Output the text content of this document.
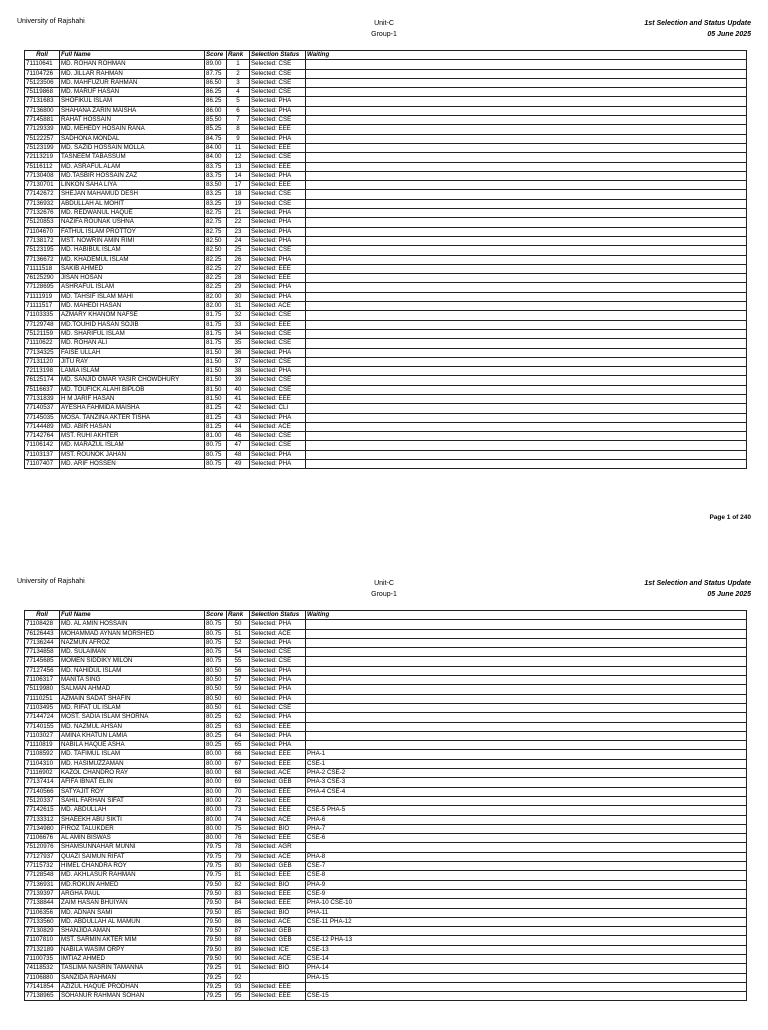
University of Rajshahi	Unit-C
Group-1
1st Selection and Status Update
05 June 2025
Roll	Full Name	Score	Rank	Selection Status	Waiting
71110641	MD. ROHAN ROHMAN	89.00	1	Selected: CSE	
71104726	MD. JILLAR RAHMAN	87.75	2	Selected: CSE	
75123506	MD. MAHFUZUR RAHMAN	86.50	3	Selected: CSE	
75119868	MD. MARUF HASAN	86.25	4	Selected: CSE	
77131683	SHOFIKUL ISLAM	86.25	5	Selected: PHA	
77136800	SHAHANA ZARIN MAISHA	86.00	6	Selected: PHA	
77145881	RAHAT HOSSAIN	85.50	7	Selected: CSE	
77129339	MD. MEHEDY HOSAIN RANA	85.25	8	Selected: EEE	
75122257	SADHONA MONDAL	84.75	9	Selected: PHA	
75123199	MD. SAZID HOSSAIN MOLLA	84.00	11	Selected: EEE	
72113219	TASNEEM TABASSUM	84.00	12	Selected: CSE	
75116112	MD. ASRAFUL ALAM	83.75	13	Selected: EEE	
77130408	MD.TASBIR HOSSAIN ZAZ	83.75	14	Selected: PHA	
77130701	LINKON SAHA LIYA	83.50	17	Selected: EEE	
77142672	SHEJAN MAHAMUD DESH	83.25	18	Selected: CSE	
77136932	ABDULLAH AL MOHIT	83.25	19	Selected: CSE	
77132676	MD. REDWANUL HAQUE	82.75	21	Selected: PHA	
75120853	NAZIFA ROUNAK USHNA	82.75	22	Selected: PHA	
71104670	FATHUL ISLAM PROTTOY	82.75	23	Selected: PHA	
77138172	MST. NOWRIN AMIN RIMI	82.50	24	Selected: PHA	
75123195	MD. HABIBUL ISLAM	82.50	25	Selected: CSE	
77136672	MD. KHADEMUL ISLAM	82.25	26	Selected: PHA	
71111518	SAKIB AHMED	82.25	27	Selected: EEE	
76125290	JISAN HOSAN	82.25	28	Selected: EEE	
77128695	ASHRAFUL ISLAM	82.25	29	Selected: PHA	
71111919	MD. TAHSIF ISLAM MAHI	82.00	30	Selected: PHA	
71111517	MD. MAHEDI HASAN	82.00	31	Selected: ACE	
71103335	AZMARY KHANOM NAFSE	81.75	32	Selected: CSE	
77129748	MD.TOUHID HASAN SOJIB	81.75	33	Selected: EEE	
75121159	MD. SHARIFUL ISLAM	81.75	34	Selected: CSE	
71110622	MD. ROHAN ALI	81.75	35	Selected: CSE	
77134325	FAISE ULLAH	81.50	36	Selected: PHA	
77131120	JITU RAY	81.50	37	Selected: CSE	
72113198	LAMIA ISLAM	81.50	38	Selected: PHA	
76125174	MD. SANJID OMAR YASIR CHOWDHURY	81.50	39	Selected: CSE	
75116637	MD. TOUFICK ALAHI BIPLOB	81.50	40	Selected: CSE	
77131839	H M JARIF HASAN	81.50	41	Selected: EEE	
77140537	AYESHA FAHMIDA MAISHA	81.25	42	Selected: CLI	
77145035	MOSA. TANZINA AKTER TISHA	81.25	43	Selected: PHA	
77144489	MD. ABIR HASAN	81.25	44	Selected: ACE	
77142764	MST. RUHI AKHTER	81.00	46	Selected: CSE	
71106142	MD. MARAZUL ISLAM	80.75	47	Selected: CSE	
71103137	MST. ROUNOK JAHAN	80.75	48	Selected: PHA	
71107407	MD. ARIF HOSSEN	80.75	49	Selected: PHA	
Page 1 of 240
University of Rajshahi	Unit-C
Group-1
1st Selection and Status Update
05 June 2025
Roll	Full Name	Score	Rank	Selection Status	Waiting
71108428	MD. AL AMIN HOSSAIN	80.75	50	Selected: PHA	
76126443	MOHAMMAD AYNAN MORSHED	80.75	51	Selected: ACE	
77136244	NAZMUN AFROZ	80.75	52	Selected: PHA	
77134858	MD. SULAIMAN	80.75	54	Selected: CSE	
77145685	MOMEN SIDDIKY MILON	80.75	55	Selected: CSE	
77127456	MD. NAHIDUL ISLAM	80.50	56	Selected: PHA	
71106317	MANITA SING	80.50	57	Selected: PHA	
75119980	SALMAN AHMAD	80.50	59	Selected: PHA	
71110251	AZMAIN SADAT SHAFIN	80.50	60	Selected: PHA	
71103495	MD. RIFAT UL ISLAM	80.50	61	Selected: CSE	
77144724	MOST. SADIA ISLAM SHORNA	80.25	62	Selected: PHA	
77140155	MD. NAZMUL AHSAN	80.25	63	Selected: EEE	
71103027	AMINA KHATUN LAMIA	80.25	64	Selected: PHA	
71110819	NABILA HAQUE ASHA	80.25	65	Selected: PHA	
71108592	MD. TAFIMUL ISLAM	80.00	66	Selected: EEE	PHA-1
71104310	MD. HASIMUZZAMAN	80.00	67	Selected: EEE	CSE-1
71116902	KAZOL CHANDRO RAY	80.00	68	Selected: ACE	PHA-2 CSE-2
77137414	AFIFA IBNAT ELIN	80.00	69	Selected: GEB	PHA-3 CSE-3
77140566	SATYAJIT ROY	80.00	70	Selected: EEE	PHA-4 CSE-4
75120337	SAHIL FARHAN SIFAT	80.00	72	Selected: EEE	
77142615	MD. ABDULLAH	80.00	73	Selected: EEE	CSE-5 PHA-5
77133312	SHAEEKH ABU SIKTI	80.00	74	Selected: ACE	PHA-6
77134980	FIROZ TALUKDER	80.00	75	Selected: BIO	PHA-7
71106676	AL AMIN BISWAS	80.00	76	Selected: EEE	CSE-6
75120976	SHAMSUNNAHAR MUNNI	79.75	78	Selected: AGR	
77127937	QUAZI SAIMUN RIFAT	79.75	79	Selected: ACE	PHA-8
77115732	HIMEL CHANDRA ROY	79.75	80	Selected: GEB	CSE-7
77128548	MD. AKHLASUR RAHMAN	79.75	81	Selected: EEE	CSE-8
77136931	MD.ROKUN AHMED	79.50	82	Selected: BIO	PHA-9
77139397	ARGHA PAUL	79.50	83	Selected: EEE	CSE-9
77138844	ZAIM HASAN BHUIYAN	79.50	84	Selected: EEE	PHA-10 CSE-10
71106356	MD. ADNAN SAMI	79.50	85	Selected: BIO	PHA-11
77133560	MD. ABDULLAH AL MAMUN	79.50	86	Selected: ACE	CSE-11 PHA-12
77130829	SHANJIDA AMAN	79.50	87	Selected: GEB	
71107810	MST. SARMIN AKTER MIM	79.50	88	Selected: GEB	CSE-12 PHA-13
77132189	NABILA WASIM ORPY	79.50	89	Selected: ICE	CSE-13
71100735	IMTIAZ AHMED	79.50	90	Selected: ACE	CSE-14
74118532	TASLIMA NASRIN TAMANNA	79.25	91	Selected: BIO	PHA-14
71106880	SANZIDA RAHMAN	79.25	92		PHA-15
77141854	AZIZUL HAQUE PRODHAN	79.25	93	Selected: EEE	
77138965	SOHANUR RAHMAN SOHAN	79.25	95	Selected: EEE	CSE-15
